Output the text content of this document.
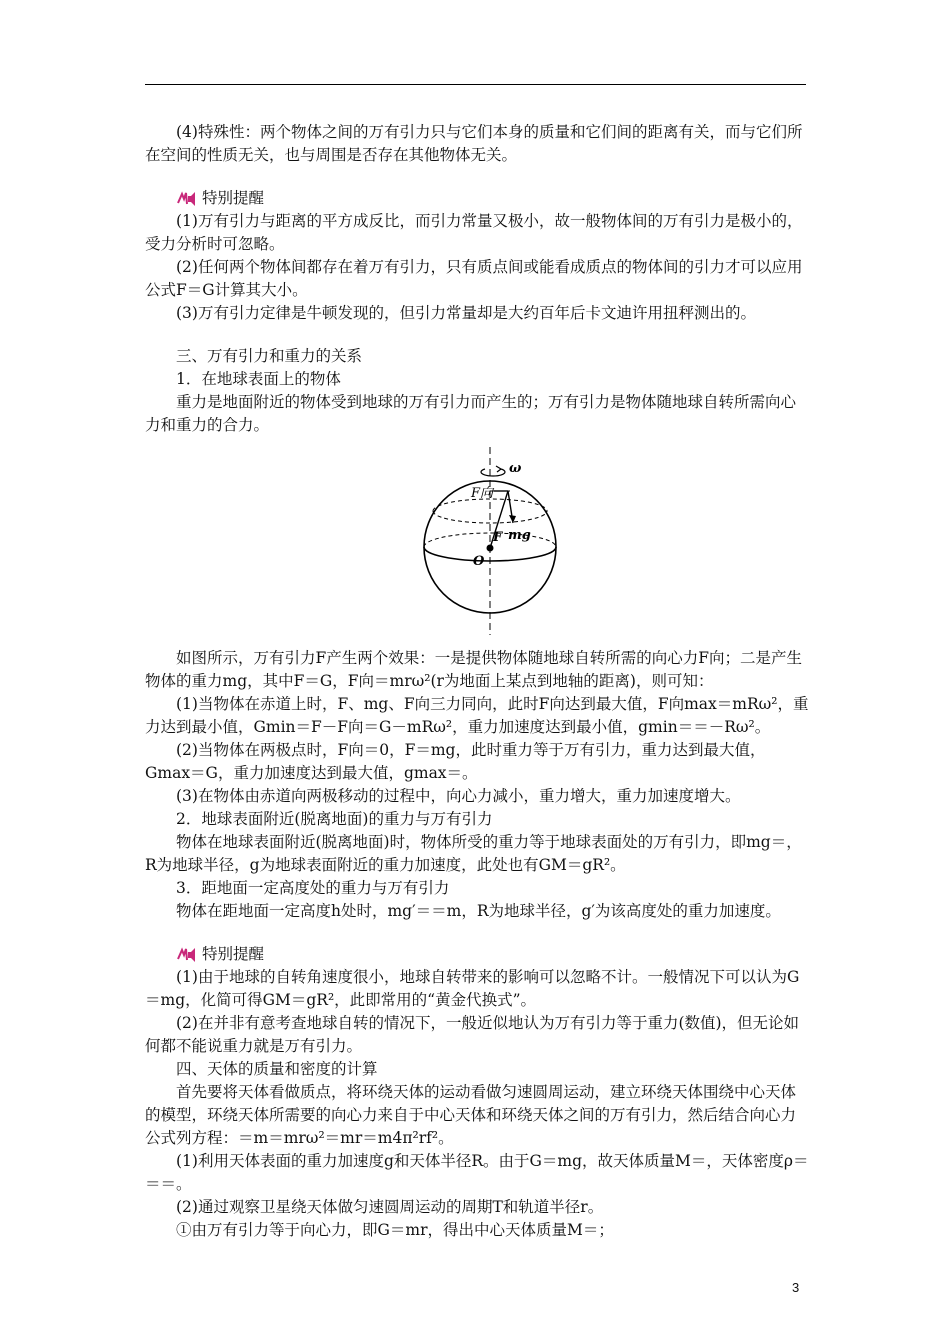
(4)特殊性：两个物体之间的万有引力只与它们本身的质量和它们间的距离有关，而与它们所在空间的性质无关，也与周围是否存在其他物体无关。

特别提醒

(1)万有引力与距离的平方成反比，而引力常量又极小，故一般物体间的万有引力是极小的，受力分析时可忽略。

(2)任何两个物体间都存在着万有引力，只有质点间或能看成质点的物体间的引力才可以应用公式F＝G计算其大小。

(3)万有引力定律是牛顿发现的，但引力常量却是大约百年后卡文迪许用扭秤测出的。

三、万有引力和重力的关系

1．在地球表面上的物体

重力是地面附近的物体受到地球的万有引力而产生的；万有引力是物体随地球自转所需向心力和重力的合力。

ω
F向
F mg
O

如图所示，万有引力F产生两个效果：一是提供物体随地球自转所需的向心力F向；二是产生物体的重力mg，其中F＝G，F向＝mrω²(r为地面上某点到地轴的距离)，则可知：

(1)当物体在赤道上时，F、mg、F向三力同向，此时F向达到最大值，F向max＝mRω²，重力达到最小值，Gmin＝F－F向＝G－mRω²，重力加速度达到最小值，gmin＝＝－Rω²。

(2)当物体在两极点时，F向＝0，F＝mg，此时重力等于万有引力，重力达到最大值，Gmax＝G，重力加速度达到最大值，gmax＝。

(3)在物体由赤道向两极移动的过程中，向心力减小，重力增大，重力加速度增大。

2．地球表面附近(脱离地面)的重力与万有引力

物体在地球表面附近(脱离地面)时，物体所受的重力等于地球表面处的万有引力，即mg＝，R为地球半径，g为地球表面附近的重力加速度，此处也有GM＝gR²。

3．距地面一定高度处的重力与万有引力

物体在距地面一定高度h处时，mg′＝＝m，R为地球半径，g′为该高度处的重力加速度。

特别提醒

(1)由于地球的自转角速度很小，地球自转带来的影响可以忽略不计。一般情况下可以认为G＝mg，化简可得GM＝gR²，此即常用的“黄金代换式”。

(2)在并非有意考查地球自转的情况下，一般近似地认为万有引力等于重力(数值)，但无论如何都不能说重力就是万有引力。

四、天体的质量和密度的计算

首先要将天体看做质点，将环绕天体的运动看做匀速圆周运动，建立环绕天体围绕中心天体的模型，环绕天体所需要的向心力来自于中心天体和环绕天体之间的万有引力，然后结合向心力公式列方程：＝m＝mrω²＝mr＝m4π²rf²。

(1)利用天体表面的重力加速度g和天体半径R。由于G＝mg，故天体质量M＝，天体密度ρ＝＝＝。

(2)通过观察卫星绕天体做匀速圆周运动的周期T和轨道半径r。

①由万有引力等于向心力，即G＝mr，得出中心天体质量M＝；

3
